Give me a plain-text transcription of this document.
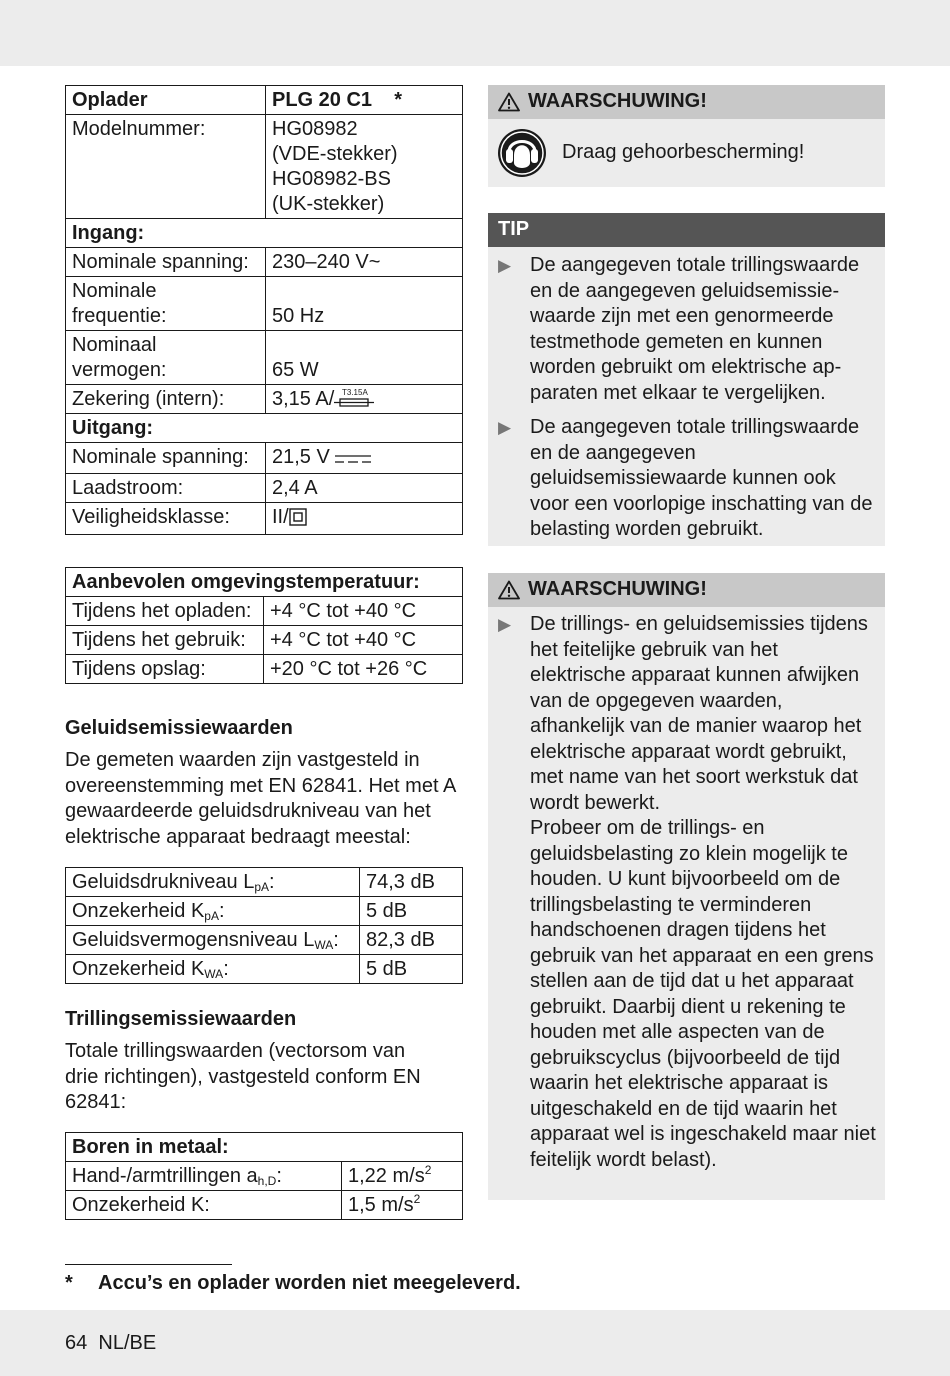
Oplader	PLG 20 C1 *
Modelnummer:	HG08982
(VDE-stekker)
HG08982-BS
(UK-stekker)

Ingang:	
Nominale spanning:	230–240 V~

Nominale
frequentie:	50 Hz

Nominaal
vermogen:	65 W
Zekering (intern):	3,15 A/ T3.15A

Uitgang:	
Nominale spanning:	21,5 V
Laadstroom:	2,4 A
Veiligheidsklasse:	II/
Aanbevolen omgevingstemperatuur:	
Tijdens het opladen:	+4 °C tot +40 °C
Tijdens het gebruik:	+4 °C tot +40 °C
Tijdens opslag:	+20 °C tot +26 °C
Geluidsemissiewaarden

De gemeten waarden zijn vastgesteld in overeenstemming met EN 62841. Het met A gewaardeerde geluidsdrukniveau van het elektrische apparaat bedraagt meestal:

Geluidsdrukniveau $L_{pA}$:	74,3 dB
Onzekerheid $K_{pA}$:	5 dB
Geluidsvermogensniveau $L_{WA}$:	82,3 dB
Onzekerheid $K_{WA}$:	5 dB
Trillingsemissiewaarden

Totale trillingswaarden (vectorsom van drie richtingen), vastgesteld conform EN 62841:

Boren in metaal:	
Hand-/armtrillingen $a_{h,D}$:	1,22 $m/s^2$
Onzekerheid K:	1,5 $m/s^2$
WAARSCHUWING!
Draag gehoorbescherming!
TIP
▶ De aangegeven totale trillingswaarde en de aangegeven geluidsemissie-waarde zijn met een genormeerde testmethode gemeten en kunnen worden gebruikt om elektrische ap-paraten met elkaar te vergelijken.
▶ De aangegeven totale trillingswaarde en de aangegeven geluidsemissiewaarde kunnen ook voor een voorlopige inschatting van de belasting worden gebruikt.
WAARSCHUWING!
▶ De trillings- en geluidsemissies tijdens het feitelijke gebruik van het elektrische apparaat kunnen afwijken van de opgegeven waarden, afhankelijk van de manier waarop het elektrische apparaat wordt gebruikt, met name van het soort werkstuk dat wordt bewerkt.
Probeer om de trillings- en geluidsbelasting zo klein mogelijk te houden. U kunt bijvoorbeeld om de trillingsbelasting te verminderen handschoenen dragen tijdens het gebruik van het apparaat en een grens stellen aan de tijd dat u het apparaat gebruikt. Daarbij dient u rekening te houden met alle aspecten van de gebruikscyclus (bijvoorbeeld de tijd waarin het elektrische apparaat is uitgeschakeld en de tijd waarin het apparaat wel is ingeschakeld maar niet feitelijk wordt belast).
*	Accu’s en oplader worden niet meegeleverd.
64 NL/BE
